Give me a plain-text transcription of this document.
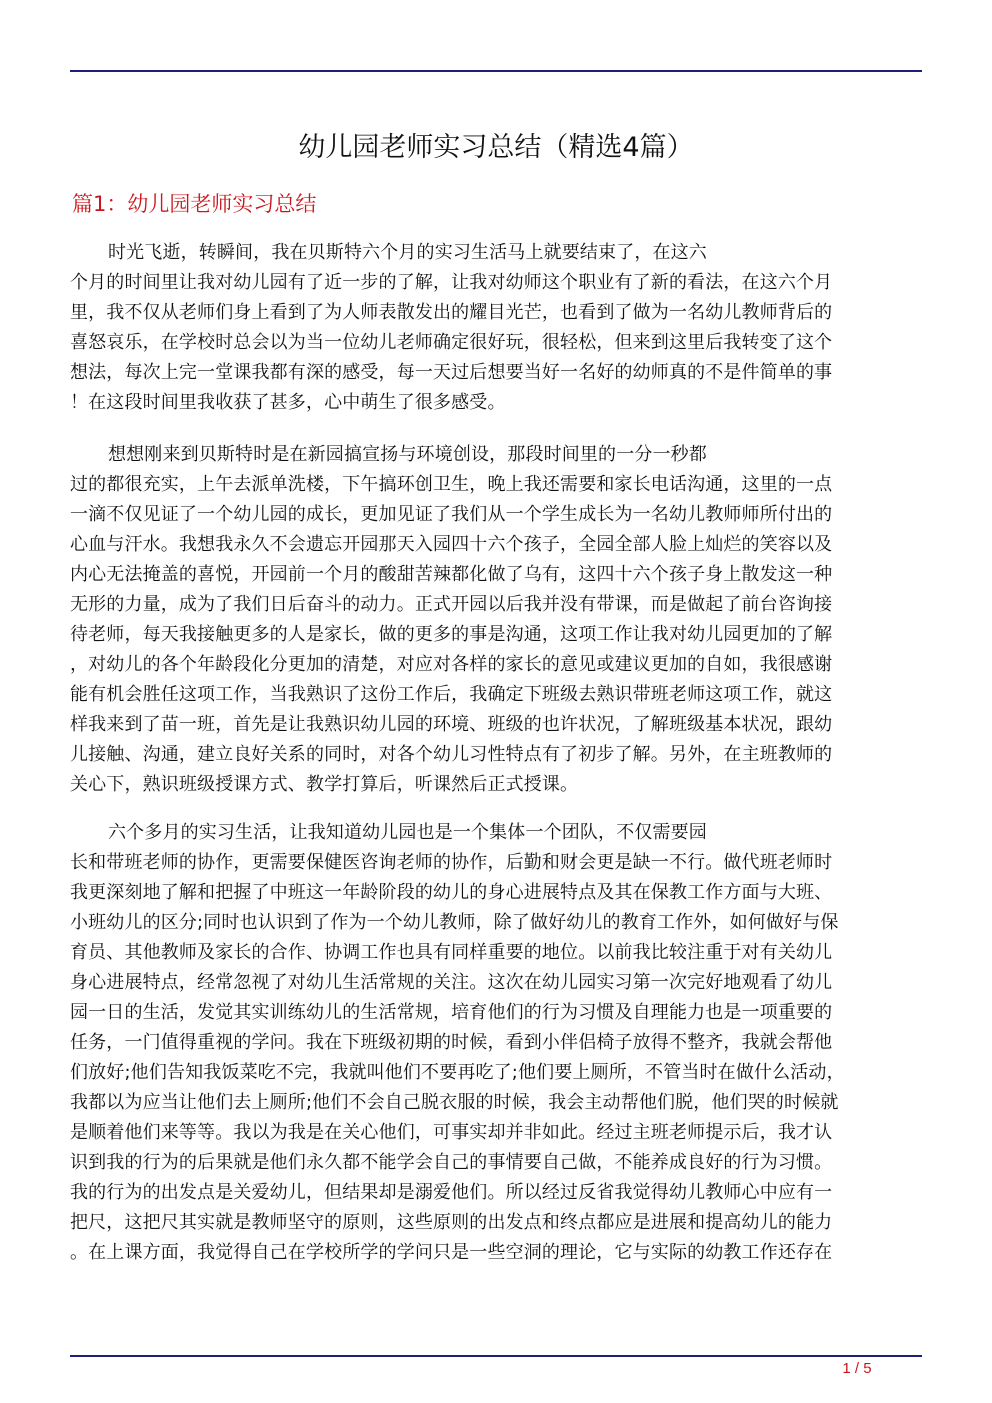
幼儿园老师实习总结（精选4篇）
篇1：幼儿园老师实习总结

时光飞逝，转瞬间，我在贝斯特六个月的实习生活马上就要结束了，在这六
个月的时间里让我对幼儿园有了近一步的了解，让我对幼师这个职业有了新的看法，在这六个月
里，我不仅从老师们身上看到了为人师表散发出的耀目光芒，也看到了做为一名幼儿教师背后的
喜怒哀乐，在学校时总会以为当一位幼儿老师确定很好玩，很轻松，但来到这里后我转变了这个
想法，每次上完一堂课我都有深的感受，每一天过后想要当好一名好的幼师真的不是件简单的事
！在这段时间里我收获了甚多，心中萌生了很多感受。

想想刚来到贝斯特时是在新园搞宣扬与环境创设，那段时间里的一分一秒都
过的都很充实，上午去派单洗楼，下午搞环创卫生，晚上我还需要和家长电话沟通，这里的一点
一滴不仅见证了一个幼儿园的成长，更加见证了我们从一个学生成长为一名幼儿教师师所付出的
心血与汗水。我想我永久不会遗忘开园那天入园四十六个孩子，全园全部人脸上灿烂的笑容以及
内心无法掩盖的喜悦，开园前一个月的酸甜苦辣都化做了乌有，这四十六个孩子身上散发这一种
无形的力量，成为了我们日后奋斗的动力。正式开园以后我并没有带课，而是做起了前台咨询接
待老师，每天我接触更多的人是家长，做的更多的事是沟通，这项工作让我对幼儿园更加的了解
，对幼儿的各个年龄段化分更加的清楚，对应对各样的家长的意见或建议更加的自如，我很感谢
能有机会胜任这项工作，当我熟识了这份工作后，我确定下班级去熟识带班老师这项工作，就这
样我来到了苗一班，首先是让我熟识幼儿园的环境、班级的也许状况，了解班级基本状况，跟幼
儿接触、沟通，建立良好关系的同时，对各个幼儿习性特点有了初步了解。另外，在主班教师的
关心下，熟识班级授课方式、教学打算后，听课然后正式授课。

六个多月的实习生活，让我知道幼儿园也是一个集体一个团队，不仅需要园
长和带班老师的协作，更需要保健医咨询老师的协作，后勤和财会更是缺一不行。做代班老师时
我更深刻地了解和把握了中班这一年龄阶段的幼儿的身心进展特点及其在保教工作方面与大班、
小班幼儿的区分;同时也认识到了作为一个幼儿教师，除了做好幼儿的教育工作外，如何做好与保
育员、其他教师及家长的合作、协调工作也具有同样重要的地位。以前我比较注重于对有关幼儿
身心进展特点，经常忽视了对幼儿生活常规的关注。这次在幼儿园实习第一次完好地观看了幼儿
园一日的生活，发觉其实训练幼儿的生活常规，培育他们的行为习惯及自理能力也是一项重要的
任务，一门值得重视的学问。我在下班级初期的时候，看到小伴侣椅子放得不整齐，我就会帮他
们放好;他们告知我饭菜吃不完，我就叫他们不要再吃了;他们要上厕所，不管当时在做什么活动，
我都以为应当让他们去上厕所;他们不会自己脱衣服的时候，我会主动帮他们脱，他们哭的时候就
是顺着他们来等等。我以为我是在关心他们，可事实却并非如此。经过主班老师提示后，我才认
识到我的行为的后果就是他们永久都不能学会自己的事情要自己做，不能养成良好的行为习惯。
我的行为的出发点是关爱幼儿，但结果却是溺爱他们。所以经过反省我觉得幼儿教师心中应有一
把尺，这把尺其实就是教师坚守的原则，这些原则的出发点和终点都应是进展和提高幼儿的能力
。在上课方面，我觉得自己在学校所学的学问只是一些空洞的理论，它与实际的幼教工作还存在

1 / 5
